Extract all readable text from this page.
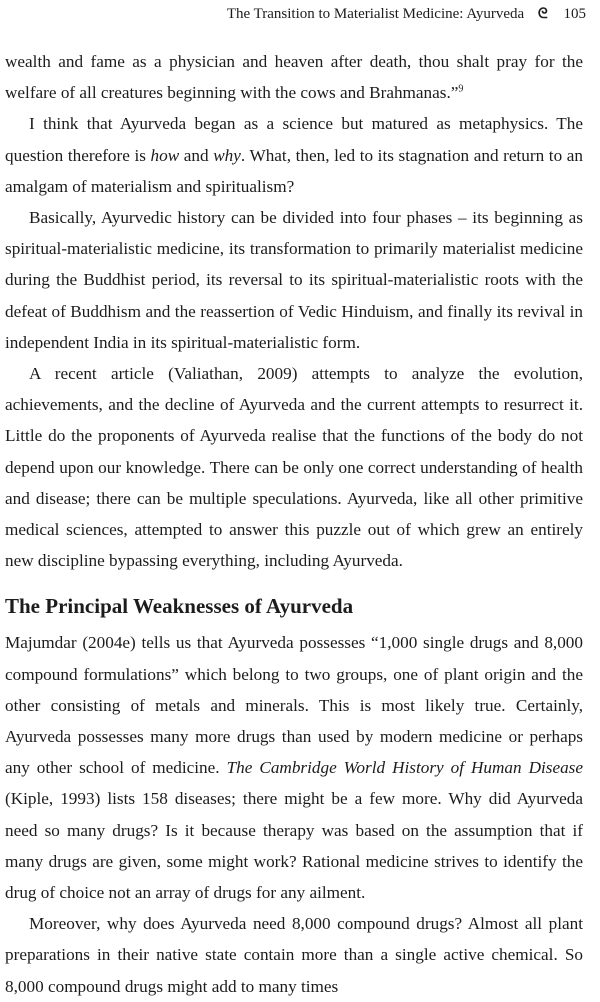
The Transition to Materialist Medicine: Ayurveda ᘓ 105

wealth and fame as a physician and heaven after death, thou shalt pray for the welfare of all creatures beginning with the cows and Brahmanas.”$^9$

I think that Ayurveda began as a science but matured as metaphysics. The question therefore is how and why. What, then, led to its stagnation and return to an amalgam of materialism and spiritualism?

Basically, Ayurvedic history can be divided into four phases – its beginning as spiritual-materialistic medicine, its transformation to primarily materialist medicine during the Buddhist period, its reversal to its spiritual-materialistic roots with the defeat of Buddhism and the reassertion of Vedic Hinduism, and finally its revival in independent India in its spiritual-materialistic form.

A recent article (Valiathan, 2009) attempts to analyze the evolution, achievements, and the decline of Ayurveda and the current attempts to resurrect it. Little do the proponents of Ayurveda realise that the functions of the body do not depend upon our knowledge. There can be only one correct understanding of health and disease; there can be multiple speculations. Ayurveda, like all other primitive medical sciences, attempted to answer this puzzle out of which grew an entirely new discipline bypassing everything, including Ayurveda.

The Principal Weaknesses of Ayurveda

Majumdar (2004e) tells us that Ayurveda possesses “1,000 single drugs and 8,000 compound formulations” which belong to two groups, one of plant origin and the other consisting of metals and minerals. This is most likely true. Certainly, Ayurveda possesses many more drugs than used by modern medicine or perhaps any other school of medicine. The Cambridge World History of Human Disease (Kiple, 1993) lists 158 diseases; there might be a few more. Why did Ayurveda need so many drugs? Is it because therapy was based on the assumption that if many drugs are given, some might work? Rational medicine strives to identify the drug of choice not an array of drugs for any ailment.

Moreover, why does Ayurveda need 8,000 compound drugs? Almost all plant preparations in their native state contain more than a single active chemical. So 8,000 compound drugs might add to many times
